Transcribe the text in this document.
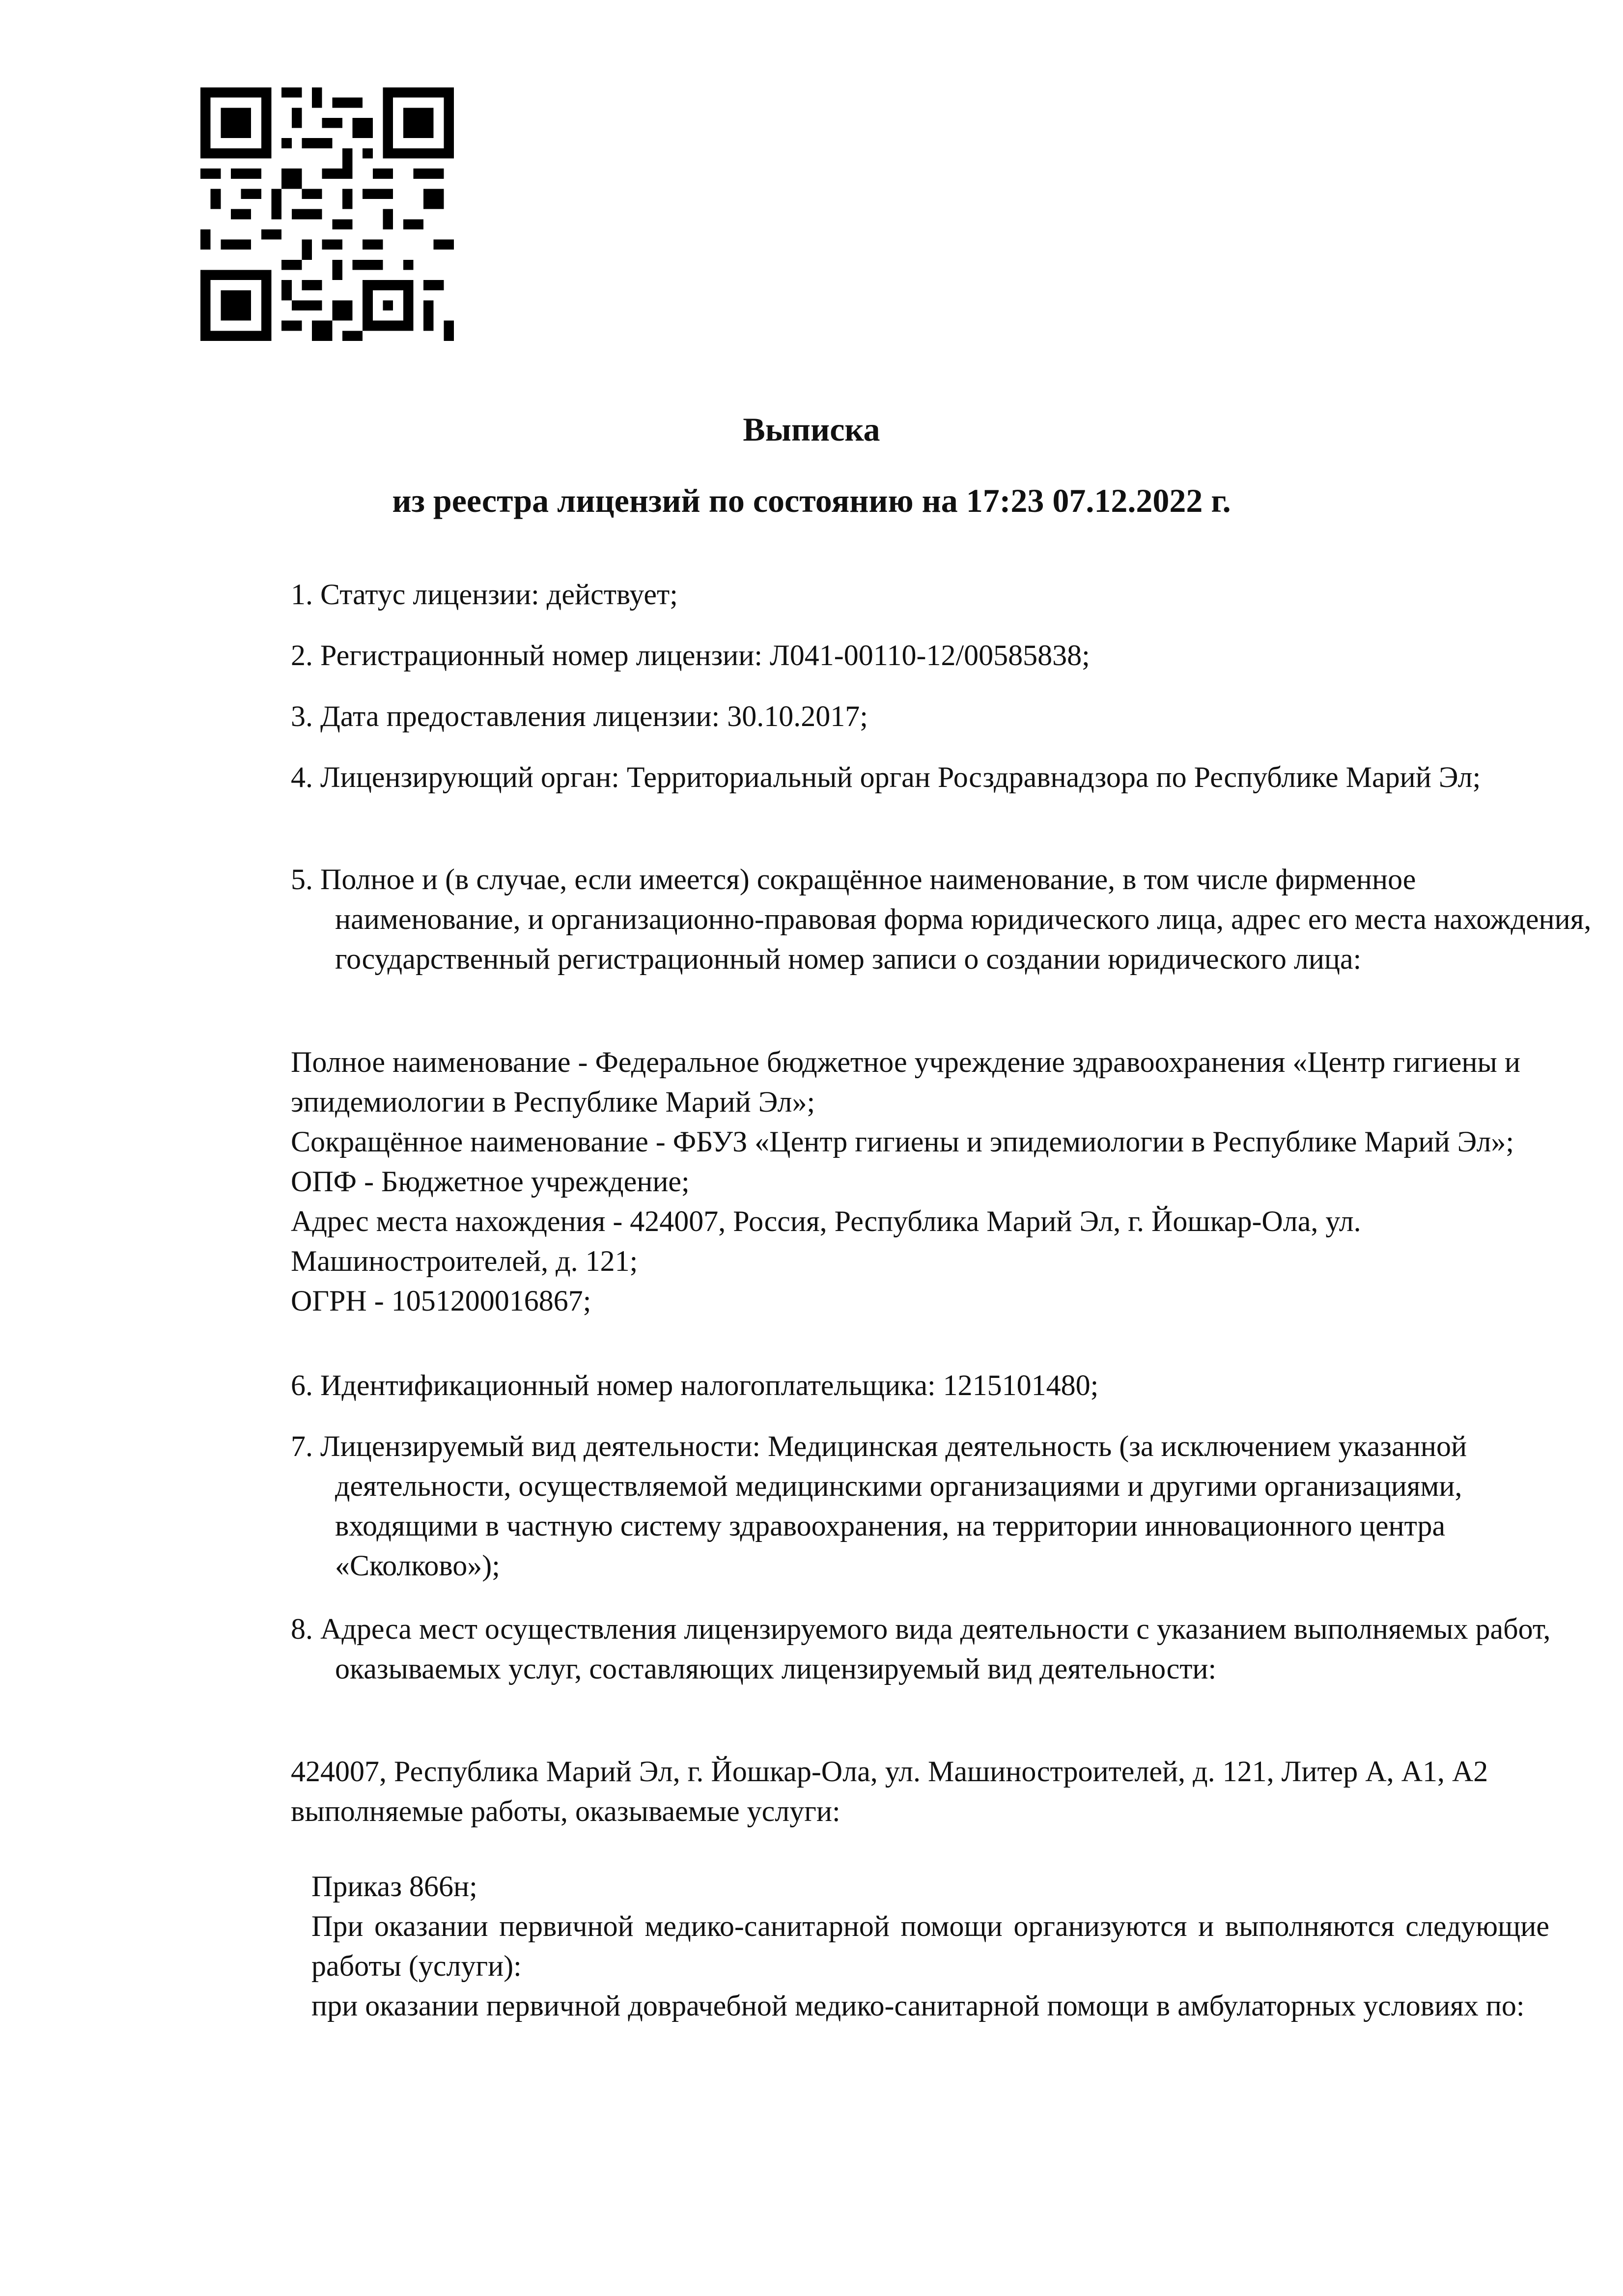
Выписка
из реестра лицензий по состоянию на 17:23 07.12.2022 г.

1. Статус лицензии: действует;

2. Регистрационный номер лицензии: Л041-00110-12/00585838;

3. Дата предоставления лицензии: 30.10.2017;

4. Лицензирующий орган: Территориальный орган Росздравнадзора по Республике Марий Эл;

5. Полное и (в случае, если имеется) сокращённое наименование, в том числе фирменное наименование, и организационно-правовая форма юридического лица, адрес его места нахождения, государственный регистрационный номер записи о создании юридического лица:

Полное наименование - Федеральное бюджетное учреждение здравоохранения «Центр гигиены и эпидемиологии в Республике Марий Эл»;
Сокращённое наименование - ФБУЗ «Центр гигиены и эпидемиологии в Республике Марий Эл»;
ОПФ - Бюджетное учреждение;
Адрес места нахождения - 424007, Россия, Республика Марий Эл, г. Йошкар-Ола, ул. Машиностроителей, д. 121;
ОГРН - 1051200016867;

6. Идентификационный номер налогоплательщика: 1215101480;

7. Лицензируемый вид деятельности: Медицинская деятельность (за исключением указанной деятельности, осуществляемой медицинскими организациями и другими организациями, входящими в частную систему здравоохранения, на территории инновационного центра «Сколково»);

8. Адреса мест осуществления лицензируемого вида деятельности с указанием выполняемых работ, оказываемых услуг, составляющих лицензируемый вид деятельности:

424007, Республика Марий Эл, г. Йошкар-Ола, ул. Машиностроителей, д. 121, Литер А, А1, А2
выполняемые работы, оказываемые услуги:
Приказ 866н;
При оказании первичной медико-санитарной помощи организуются и выполняются следующие работы (услуги):
при оказании первичной доврачебной медико-санитарной помощи в амбулаторных условиях по:
